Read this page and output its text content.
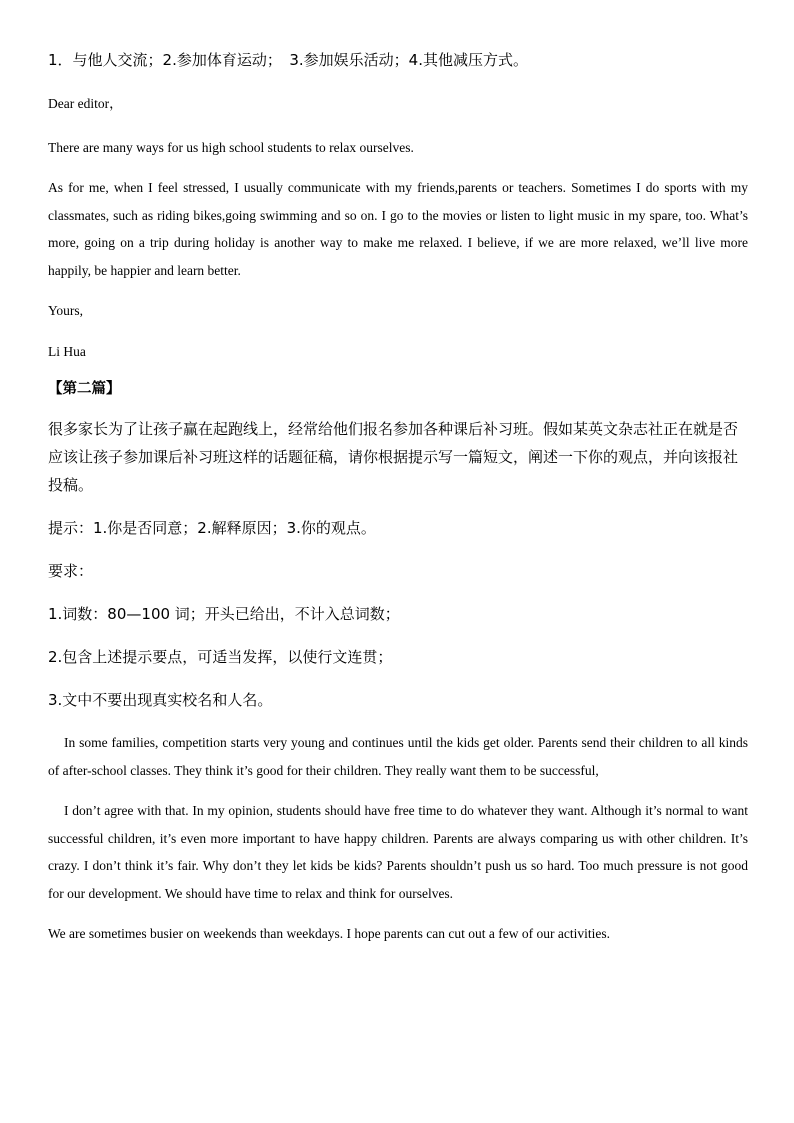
1．与他人交流；2.参加体育运动；　3.参加娱乐活动；4.其他减压方式。

Dear editor，

There are many ways for us high school students to relax ourselves.

As for me, when I feel stressed, I usually communicate with my friends,parents or teachers. Sometimes I do sports with my classmates, such as riding bikes,going swimming and so on. I go to the movies or listen to light music in my spare, too. What’s more, going on a trip during holiday is another way to make me relaxed. I believe, if we are more relaxed, we’ll live more happily, be happier and learn better.

Yours,

Li Hua

【第二篇】

很多家长为了让孩子赢在起跑线上，经常给他们报名参加各种课后补习班。假如某英文杂志社正在就是否应该让孩子参加课后补习班这样的话题征稿，请你根据提示写一篇短文，阐述一下你的观点，并向该报社投稿。

提示：1.你是否同意；2.解释原因；3.你的观点。

要求：

1.词数：80—100 词；开头已给出，不计入总词数；

2.包含上述提示要点，可适当发挥，以使行文连贯；

3.文中不要出现真实校名和人名。

In some families, competition starts very young and continues until the kids get older. Parents send their children to all kinds of after-school classes. They think it’s good for their children. They really want them to be successful,

I don’t agree with that. In my opinion, students should have free time to do whatever they want. Although it’s normal to want successful children, it’s even more important to have happy children. Parents are always comparing us with other children. It’s crazy. I don’t think it’s fair. Why don’t they let kids be kids? Parents shouldn’t push us so hard. Too much pressure is not good for our development. We should have time to relax and think for ourselves.

We are sometimes busier on weekends than weekdays. I hope parents can cut out a few of our activities.
